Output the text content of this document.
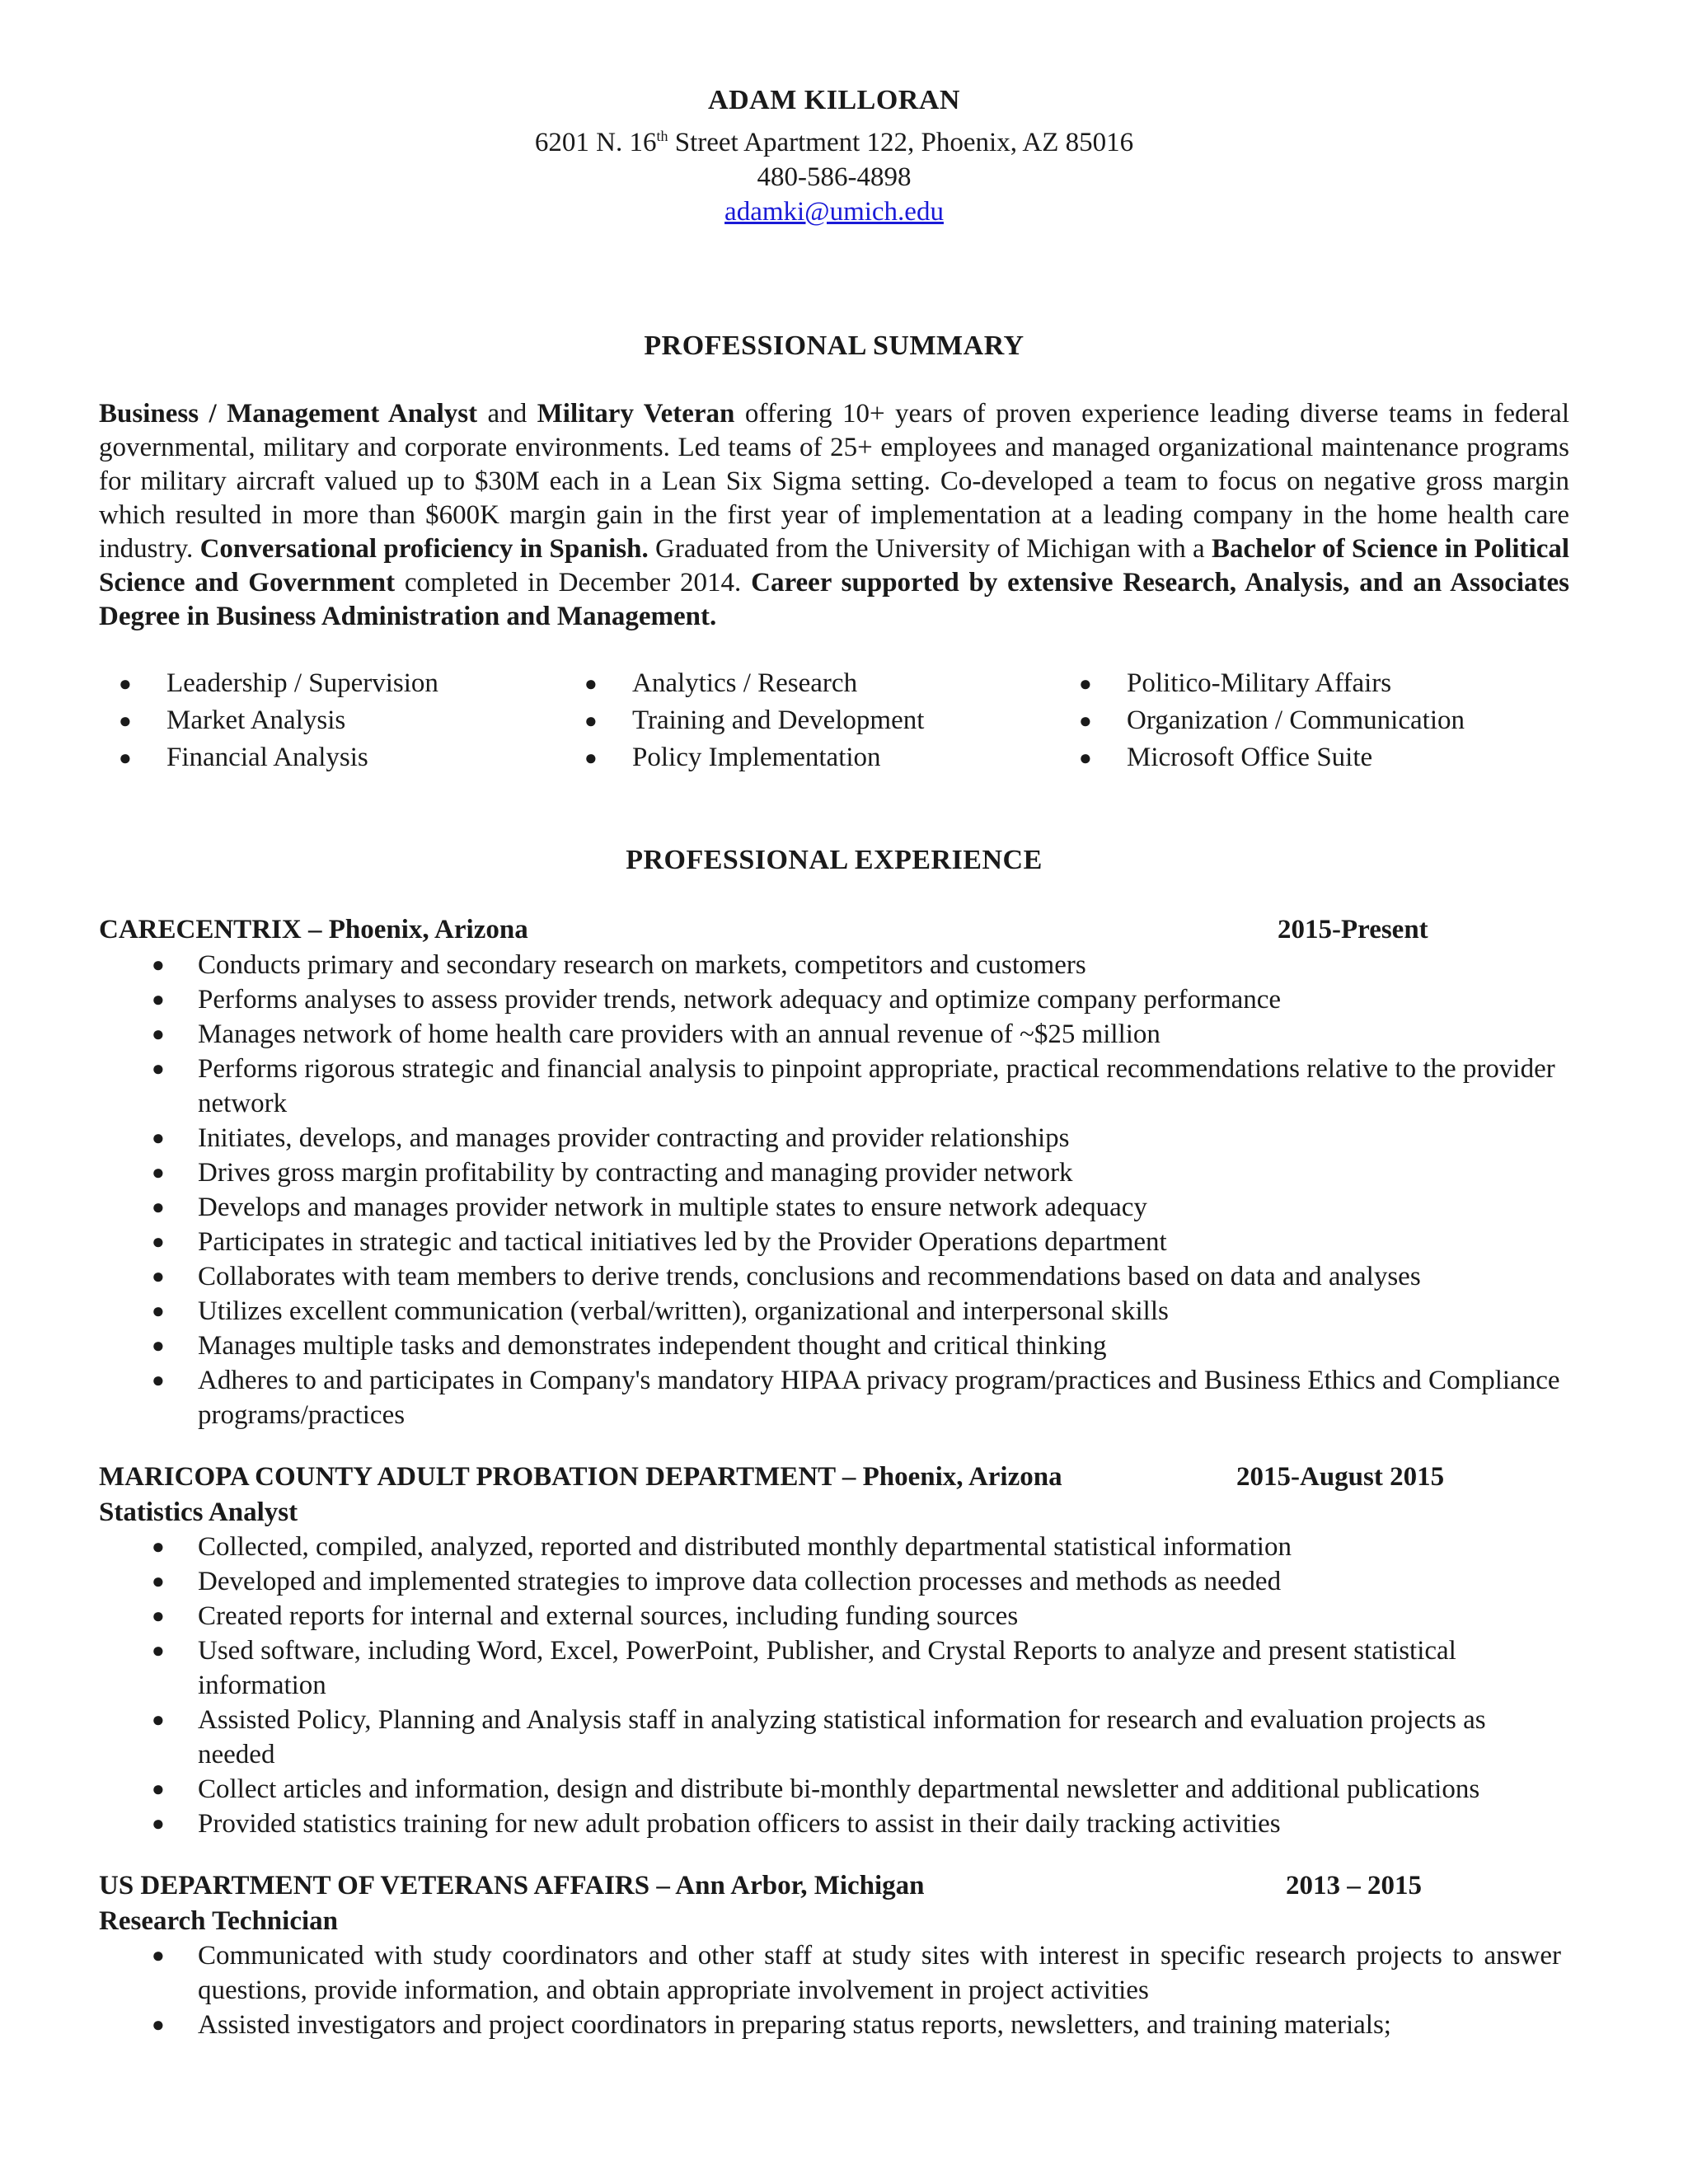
ADAM KILLORAN
6201 N. 16th Street Apartment 122, Phoenix, AZ 85016
480-586-4898
adamki@umich.edu
PROFESSIONAL SUMMARY

Business / Management Analyst and Military Veteran offering 10+ years of proven experience leading diverse teams in federal governmental, military and corporate environments. Led teams of 25+ employees and managed organizational maintenance programs for military aircraft valued up to $30M each in a Lean Six Sigma setting. Co-developed a team to focus on negative gross margin which resulted in more than $600K margin gain in the first year of implementation at a leading company in the home health care industry. Conversational proficiency in Spanish. Graduated from the University of Michigan with a Bachelor of Science in Political Science and Government completed in December 2014. Career supported by extensive Research, Analysis, and an Associates Degree in Business Administration and Management.

● Leadership / Supervision
● Market Analysis
● Financial Analysis
● Analytics / Research
● Training and Development
● Policy Implementation
● Politico-Military Affairs
● Organization / Communication
● Microsoft Office Suite
PROFESSIONAL EXPERIENCE
CARECENTRIX – Phoenix, Arizona	2015-Present
● Conducts primary and secondary research on markets, competitors and customers
● Performs analyses to assess provider trends, network adequacy and optimize company performance
● Manages network of home health care providers with an annual revenue of ~$25 million
● Performs rigorous strategic and financial analysis to pinpoint appropriate, practical recommendations relative to the provider network
● Initiates, develops, and manages provider contracting and provider relationships
● Drives gross margin profitability by contracting and managing provider network
● Develops and manages provider network in multiple states to ensure network adequacy
● Participates in strategic and tactical initiatives led by the Provider Operations department
● Collaborates with team members to derive trends, conclusions and recommendations based on data and analyses
● Utilizes excellent communication (verbal/written), organizational and interpersonal skills
● Manages multiple tasks and demonstrates independent thought and critical thinking
● Adheres to and participates in Company's mandatory HIPAA privacy program/practices and Business Ethics and Compliance programs/practices
MARICOPA COUNTY ADULT PROBATION DEPARTMENT – Phoenix, Arizona	2015-August 2015
Statistics Analyst
● Collected, compiled, analyzed, reported and distributed monthly departmental statistical information
● Developed and implemented strategies to improve data collection processes and methods as needed
● Created reports for internal and external sources, including funding sources
● Used software, including Word, Excel, PowerPoint, Publisher, and Crystal Reports to analyze and present statistical information
● Assisted Policy, Planning and Analysis staff in analyzing statistical information for research and evaluation projects as needed
● Collect articles and information, design and distribute bi-monthly departmental newsletter and additional publications
● Provided statistics training for new adult probation officers to assist in their daily tracking activities
US DEPARTMENT OF VETERANS AFFAIRS – Ann Arbor, Michigan	2013 – 2015
Research Technician
● Communicated with study coordinators and other staff at study sites with interest in specific research projects to answer questions, provide information, and obtain appropriate involvement in project activities
● Assisted investigators and project coordinators in preparing status reports, newsletters, and training materials;
